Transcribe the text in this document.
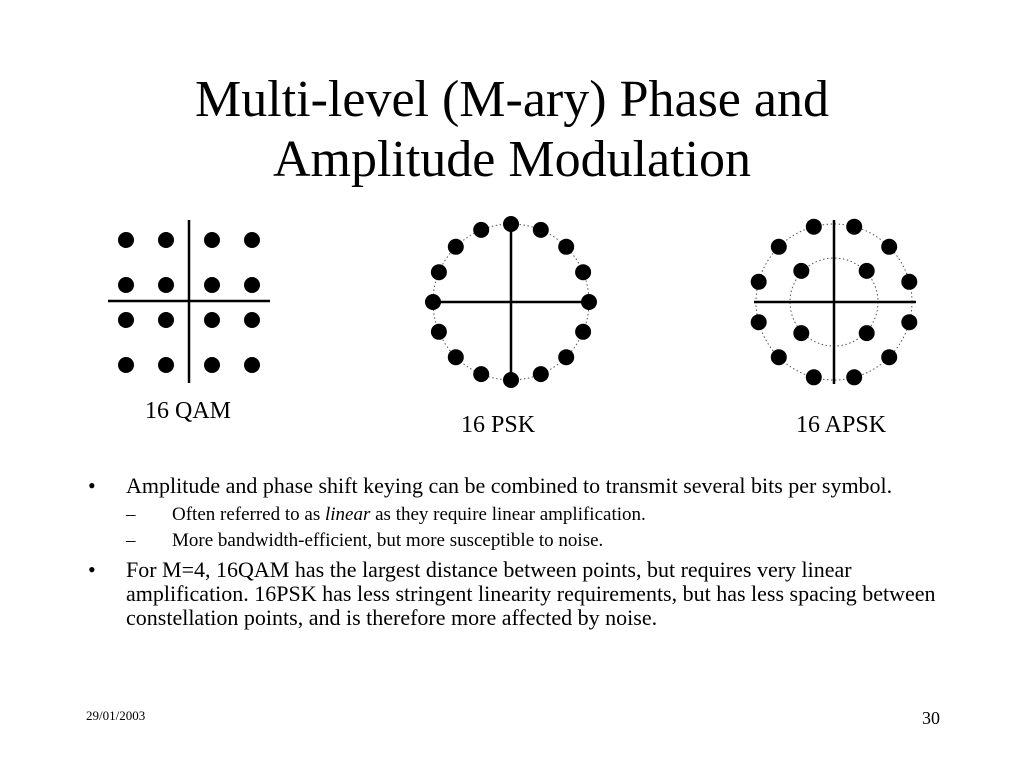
Multi-level (M-ary) Phase and
Amplitude Modulation
16 QAM
16 PSK	16 APSK
• Amplitude and phase shift keying can be combined to transmit several bits per symbol.
– Often referred to as linear as they require linear amplification.
– More bandwidth-efficient, but more susceptible to noise.
• For M=4, 16QAM has the largest distance between points, but requires very linear amplification. 16PSK has less stringent linearity requirements, but has less spacing between constellation points, and is therefore more affected by noise.
29/01/2003	30
